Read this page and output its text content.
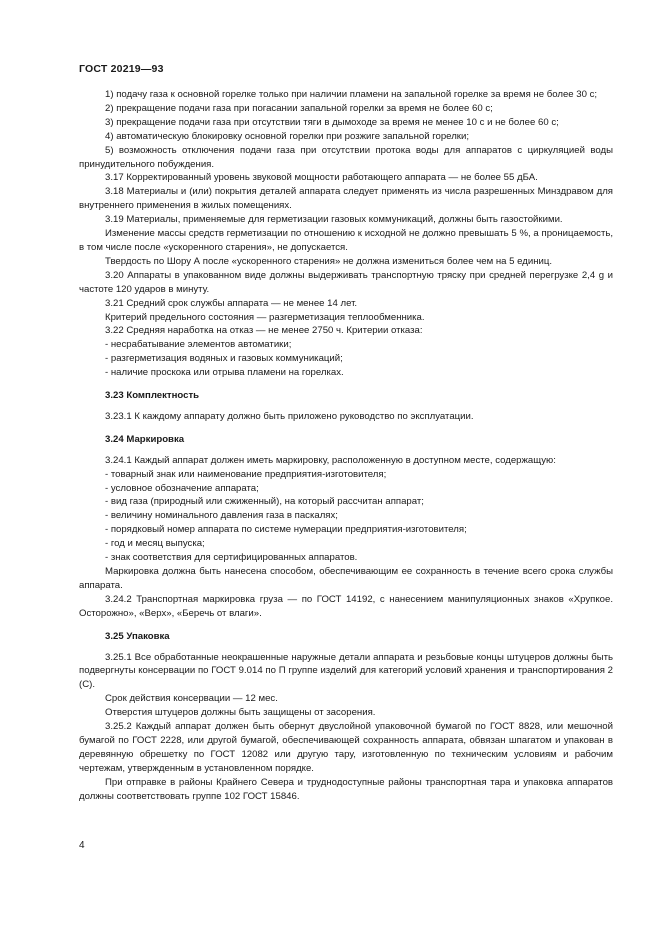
ГОСТ 20219—93

1) подачу газа к основной горелке только при наличии пламени на запальной горелке за время не более 30 с;

2) прекращение подачи газа при погасании запальной горелки за время не более 60 с;

3) прекращение подачи газа при отсутствии тяги в дымоходе за время не менее 10 с и не более 60 с;

4) автоматическую блокировку основной горелки при розжиге запальной горелки;

5) возможность отключения подачи газа при отсутствии протока воды для аппаратов с циркуляцией воды принудительного побуждения.

3.17 Корректированный уровень звуковой мощности работающего аппарата — не более 55 дБА.

3.18 Материалы и (или) покрытия деталей аппарата следует применять из числа разрешенных Минздравом для внутреннего применения в жилых помещениях.

3.19 Материалы, применяемые для герметизации газовых коммуникаций, должны быть газостойкими.

Изменение массы средств герметизации по отношению к исходной не должно превышать 5 %, а проницаемость, в том числе после «ускоренного старения», не допускается.

Твердость по Шору А после «ускоренного старения» не должна измениться более чем на 5 единиц.

3.20 Аппараты в упакованном виде должны выдерживать транспортную тряску при средней перегрузке 2,4 g и частоте 120 ударов в минуту.

3.21 Средний срок службы аппарата — не менее 14 лет.

Критерий предельного состояния — разгерметизация теплообменника.

3.22 Средняя наработка на отказ — не менее 2750 ч. Критерии отказа:

- несрабатывание элементов автоматики;

- разгерметизация водяных и газовых коммуникаций;

- наличие проскока или отрыва пламени на горелках.

3.23 Комплектность

3.23.1 К каждому аппарату должно быть приложено руководство по эксплуатации.

3.24 Маркировка

3.24.1 Каждый аппарат должен иметь маркировку, расположенную в доступном месте, содержащую:

- товарный знак или наименование предприятия-изготовителя;

- условное обозначение аппарата;

- вид газа (природный или сжиженный), на который рассчитан аппарат;

- величину номинального давления газа в паскалях;

- порядковый номер аппарата по системе нумерации предприятия-изготовителя;

- год и месяц выпуска;

- знак соответствия для сертифицированных аппаратов.

Маркировка должна быть нанесена способом, обеспечивающим ее сохранность в течение всего срока службы аппарата.

3.24.2 Транспортная маркировка груза — по ГОСТ 14192, с нанесением манипуляционных знаков «Хрупкое. Осторожно», «Верх», «Беречь от влаги».

3.25 Упаковка

3.25.1 Все обработанные неокрашенные наружные детали аппарата и резьбовые концы штуцеров должны быть подвергнуты консервации по ГОСТ 9.014 по П группе изделий для категорий условий хранения и транспортирования 2 (С).

Срок действия консервации — 12 мес.

Отверстия штуцеров должны быть защищены от засорения.

3.25.2 Каждый аппарат должен быть обернут двуслойной упаковочной бумагой по ГОСТ 8828, или мешочной бумагой по ГОСТ 2228, или другой бумагой, обеспечивающей сохранность аппарата, обвязан шпагатом и упакован в деревянную обрешетку по ГОСТ 12082 или другую тару, изготовленную по техническим условиям и рабочим чертежам, утвержденным в установленном порядке.

При отправке в районы Крайнего Севера и труднодоступные районы транспортная тара и упаковка аппаратов должны соответствовать группе 102 ГОСТ 15846.

4
